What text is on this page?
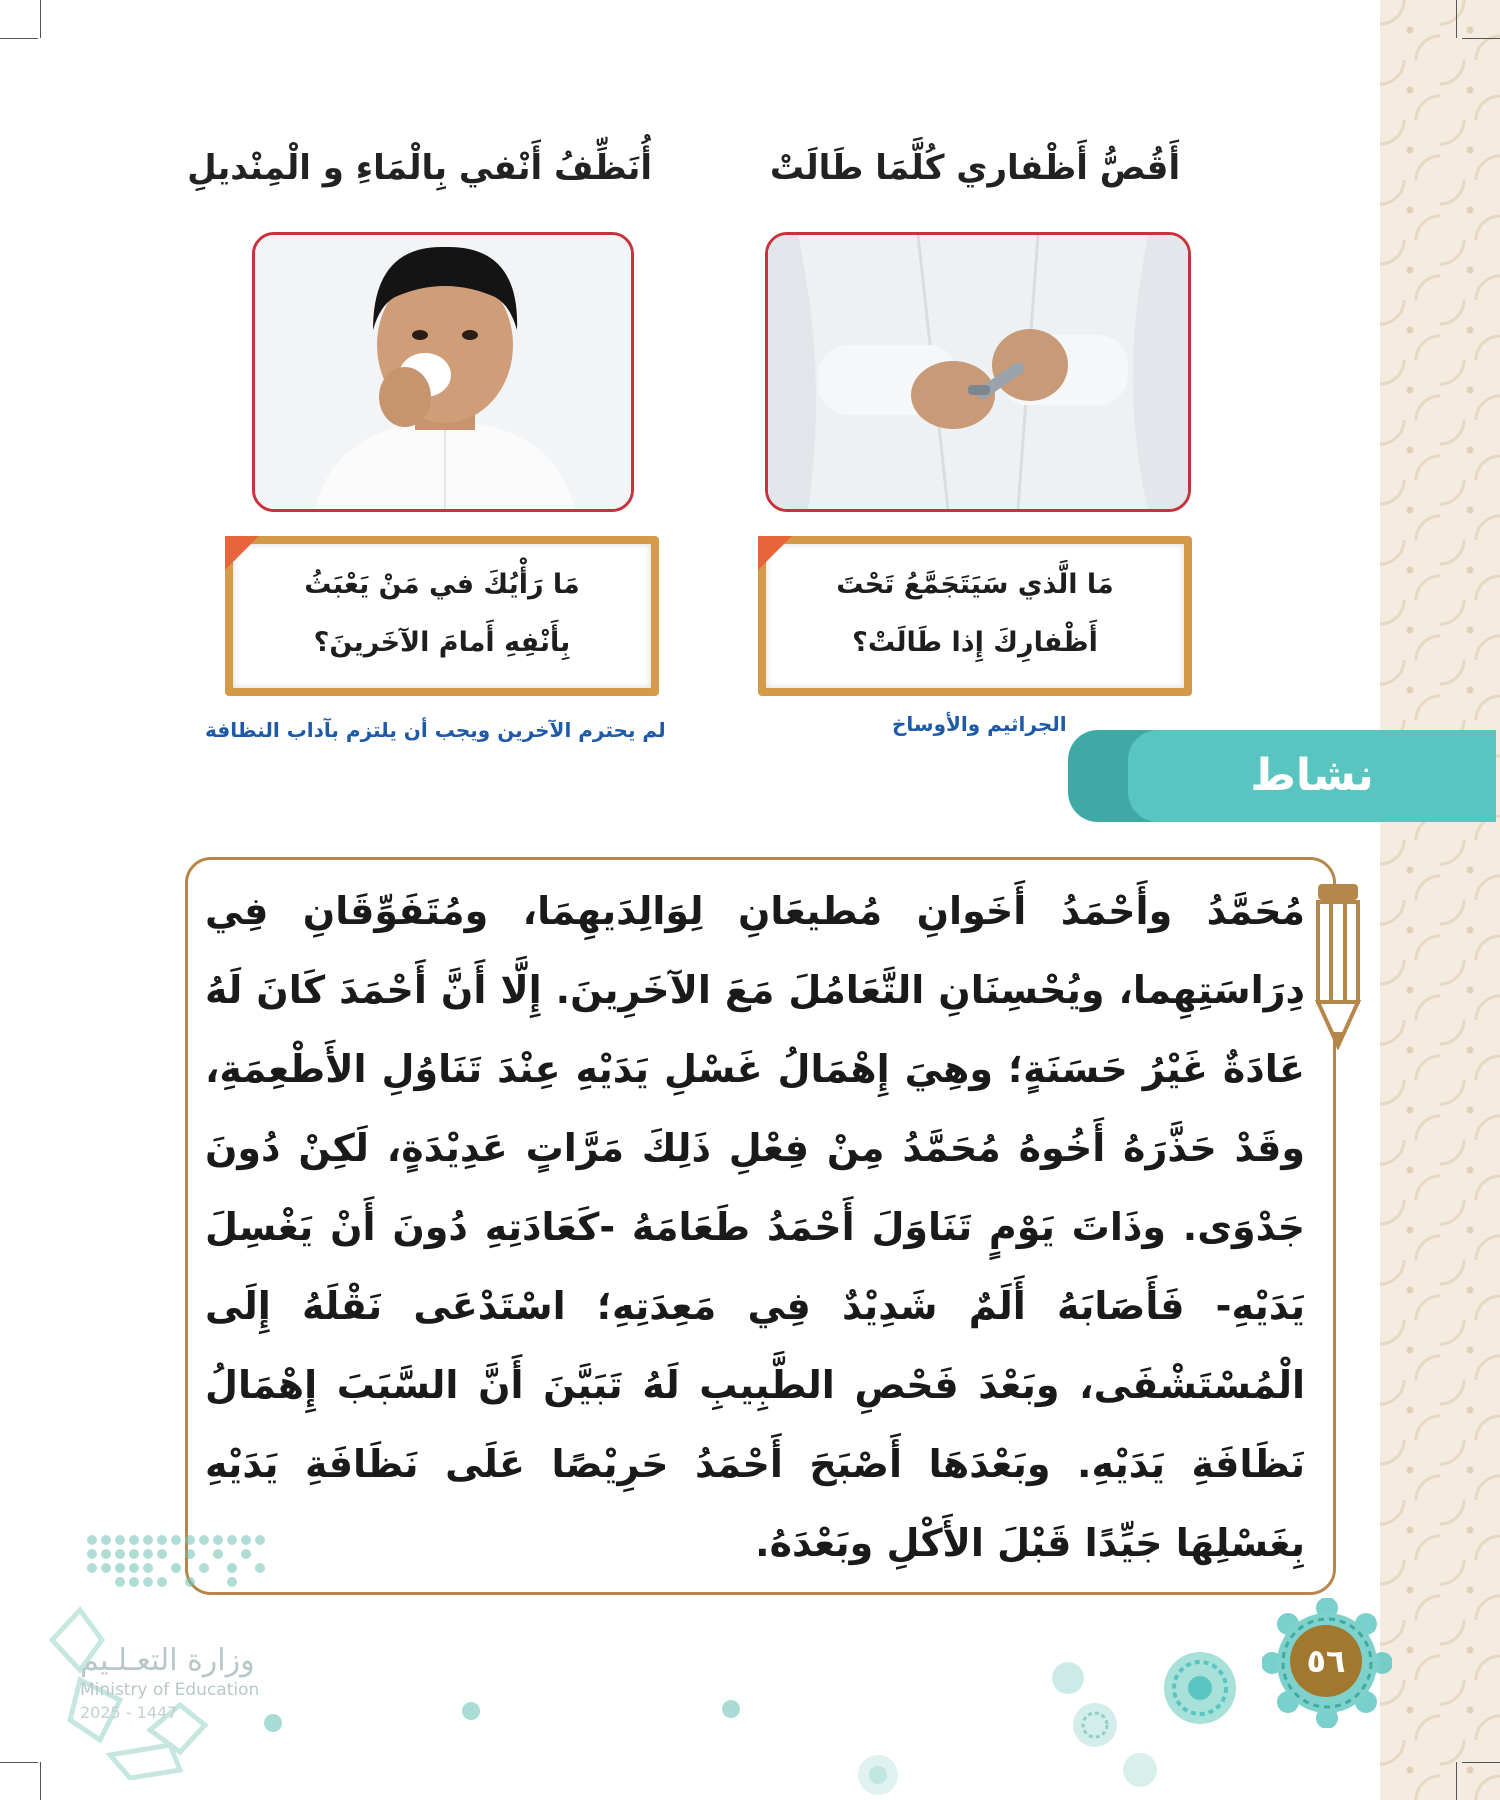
أَقُصُّ أَظْفاري كُلَّمَا طَالَتْ
مَا الَّذي سَيَتَجَمَّعُ تَحْتَ
أَظْفارِكَ إِذا طَالَتْ؟
الجراثيم والأوساخ
أُنَظِّفُ أَنْفي بِالْمَاءِ و الْمِنْديلِ
مَا رَأْيُكَ في مَنْ يَعْبَثُ
بِأَنْفِهِ أَمامَ الآخَرينَ؟
لم يحترم الآخرين ويجب أن يلتزم بآداب النظافة
نشاط
مُحَمَّدُ وأَحْمَدُ أَخَوانِ مُطيعَانِ لِوَالِدَيهِمَا، ومُتَفَوِّقَانِ فِي دِرَاسَتِهِما، ويُحْسِنَانِ التَّعَامُلَ مَعَ الآخَرِينَ. إِلَّا أَنَّ أَحْمَدَ كَانَ لَهُ عَادَةٌ غَيْرُ حَسَنَةٍ؛ وهِيَ إِهْمَالُ غَسْلِ يَدَيْهِ عِنْدَ تَنَاوُلِ الأَطْعِمَةِ، وقَدْ حَذَّرَهُ أَخُوهُ مُحَمَّدُ مِنْ فِعْلِ ذَلِكَ مَرَّاتٍ عَدِيْدَةٍ، لَكِنْ دُونَ جَدْوَى. وذَاتَ يَوْمٍ تَنَاوَلَ أَحْمَدُ طَعَامَهُ -كَعَادَتِهِ دُونَ أَنْ يَغْسِلَ يَدَيْهِ- فَأَصَابَهُ أَلَمٌ شَدِيْدٌ فِي مَعِدَتِهِ؛ اسْتَدْعَى نَقْلَهُ إِلَى الْمُسْتَشْفَى، وبَعْدَ فَحْصِ الطَّبِيبِ لَهُ تَبَيَّنَ أَنَّ السَّبَبَ إِهْمَالُ نَظَافَةِ يَدَيْهِ. وبَعْدَهَا أَصْبَحَ أَحْمَدُ حَرِيْصًا عَلَى نَظَافَةِ يَدَيْهِ بِغَسْلِهَا جَيِّدًا قَبْلَ الأَكْلِ وبَعْدَهُ.
وزارة التعـلـيم
Ministry of Education
2025 - 1447
٥٦
